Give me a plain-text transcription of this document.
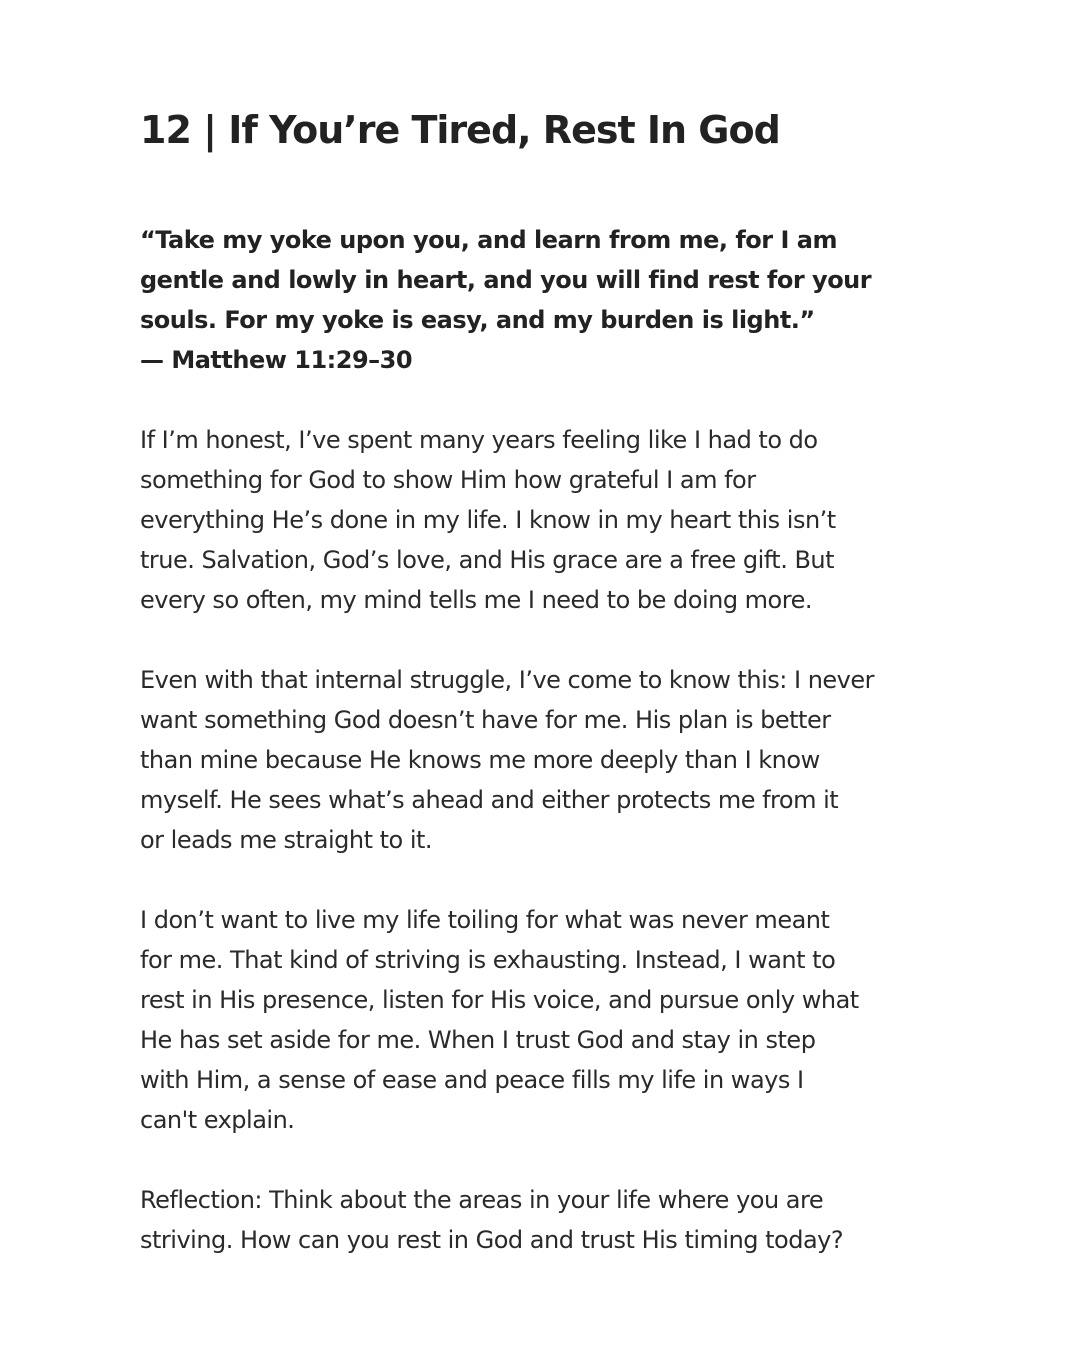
12 | If You’re Tired, Rest In God

“Take my yoke upon you, and learn from me, for I am
gentle and lowly in heart, and you will find rest for your
souls. For my yoke is easy, and my burden is light.”
— Matthew 11:29–30

If I’m honest, I’ve spent many years feeling like I had to do
something for God to show Him how grateful I am for
everything He’s done in my life. I know in my heart this isn’t
true. Salvation, God’s love, and His grace are a free gift. But
every so often, my mind tells me I need to be doing more.

Even with that internal struggle, I’ve come to know this: I never
want something God doesn’t have for me. His plan is better
than mine because He knows me more deeply than I know
myself. He sees what’s ahead and either protects me from it
or leads me straight to it.

I don’t want to live my life toiling for what was never meant
for me. That kind of striving is exhausting. Instead, I want to
rest in His presence, listen for His voice, and pursue only what
He has set aside for me. When I trust God and stay in step
with Him, a sense of ease and peace fills my life in ways I
can't explain.

Reflection: Think about the areas in your life where you are
striving. How can you rest in God and trust His timing today?
